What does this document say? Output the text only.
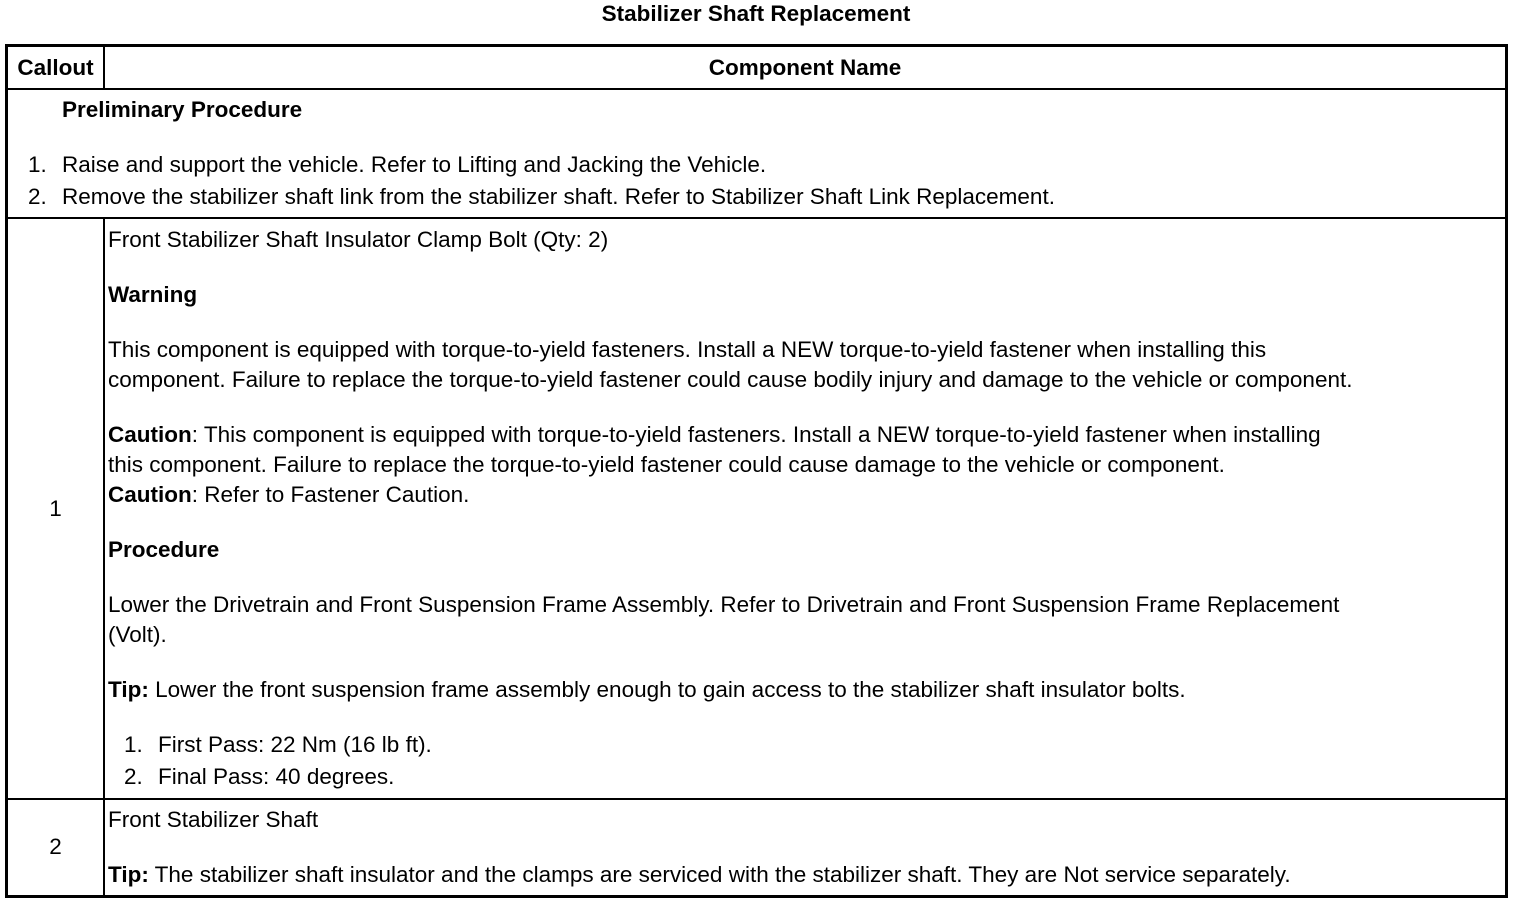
Stabilizer Shaft Replacement
Callout	Component Name
Preliminary Procedure
1. Raise and support the vehicle. Refer to Lifting and Jacking the Vehicle.
2. Remove the stabilizer shaft link from the stabilizer shaft. Refer to Stabilizer Shaft Link Replacement.
1
Front Stabilizer Shaft Insulator Clamp Bolt (Qty: 2)
Warning
This component is equipped with torque-to-yield fasteners. Install a NEW torque-to-yield fastener when installing this
component. Failure to replace the torque-to-yield fastener could cause bodily injury and damage to the vehicle or component.
Caution: This component is equipped with torque-to-yield fasteners. Install a NEW torque-to-yield fastener when installing
this component. Failure to replace the torque-to-yield fastener could cause damage to the vehicle or component.
Caution: Refer to Fastener Caution.
Procedure
Lower the Drivetrain and Front Suspension Frame Assembly. Refer to Drivetrain and Front Suspension Frame Replacement
(Volt).
Tip: Lower the front suspension frame assembly enough to gain access to the stabilizer shaft insulator bolts.
1. First Pass: 22 Nm (16 lb ft).
2. Final Pass: 40 degrees.
2
Front Stabilizer Shaft
Tip: The stabilizer shaft insulator and the clamps are serviced with the stabilizer shaft. They are Not service separately.
